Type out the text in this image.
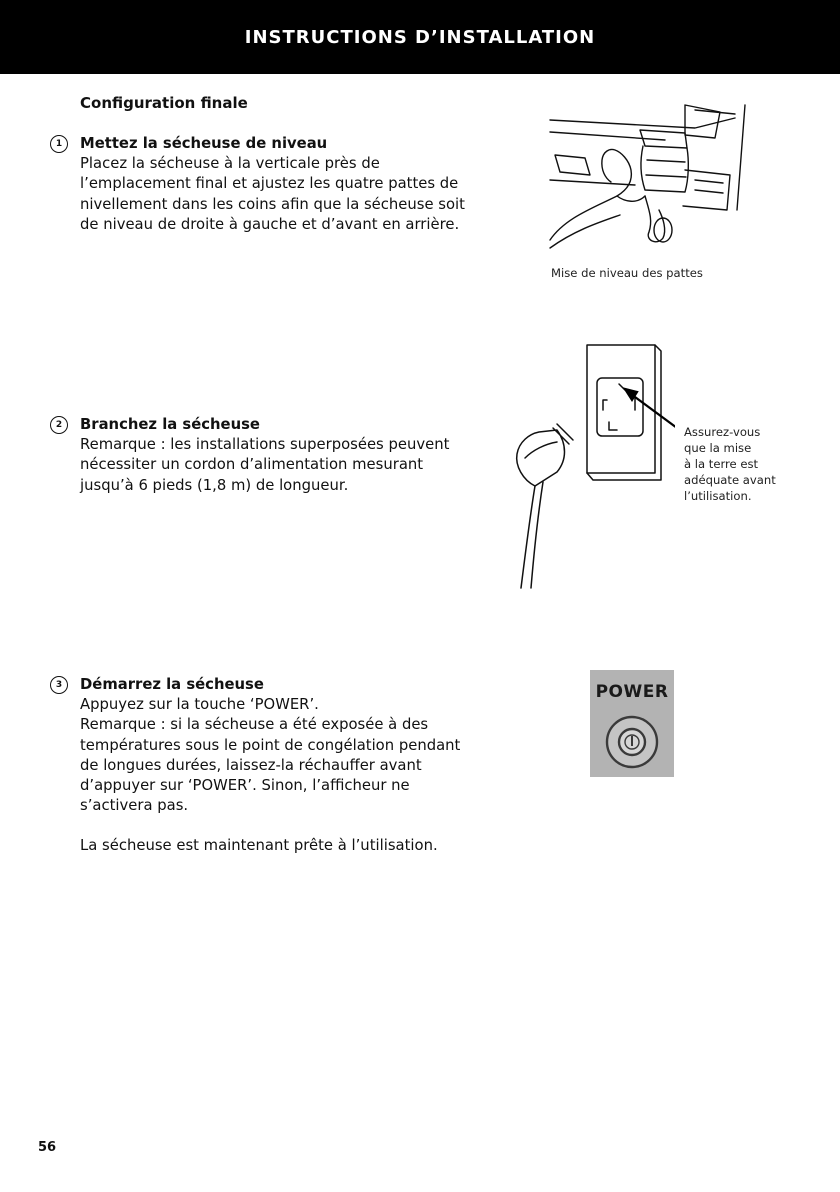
INSTRUCTIONS D’INSTALLATION
Configuration finale
1	Mettez la sécheuse de niveau
Placez la sécheuse à la verticale près de
l’emplacement final et ajustez les quatre pattes de
nivellement dans les coins afin que la sécheuse soit
de niveau de droite à gauche et d’avant en arrière.
Mise de niveau des pattes
2	Branchez la sécheuse
Remarque : les installations superposées peuvent
nécessiter un cordon d’alimentation mesurant
jusqu’à 6 pieds (1,8 m) de longueur.
Assurez-vous
que la mise
à la terre est
adéquate avant
l’utilisation.
3	Démarrez la sécheuse
Appuyez sur la touche ‘POWER’.
Remarque : si la sécheuse a été exposée à des
températures sous le point de congélation pendant
de longues durées, laissez-la réchauffer avant
d’appuyer sur ‘POWER’. Sinon, l’afficheur ne
s’activera pas.
La sécheuse est maintenant prête à l’utilisation.
POWER
56
